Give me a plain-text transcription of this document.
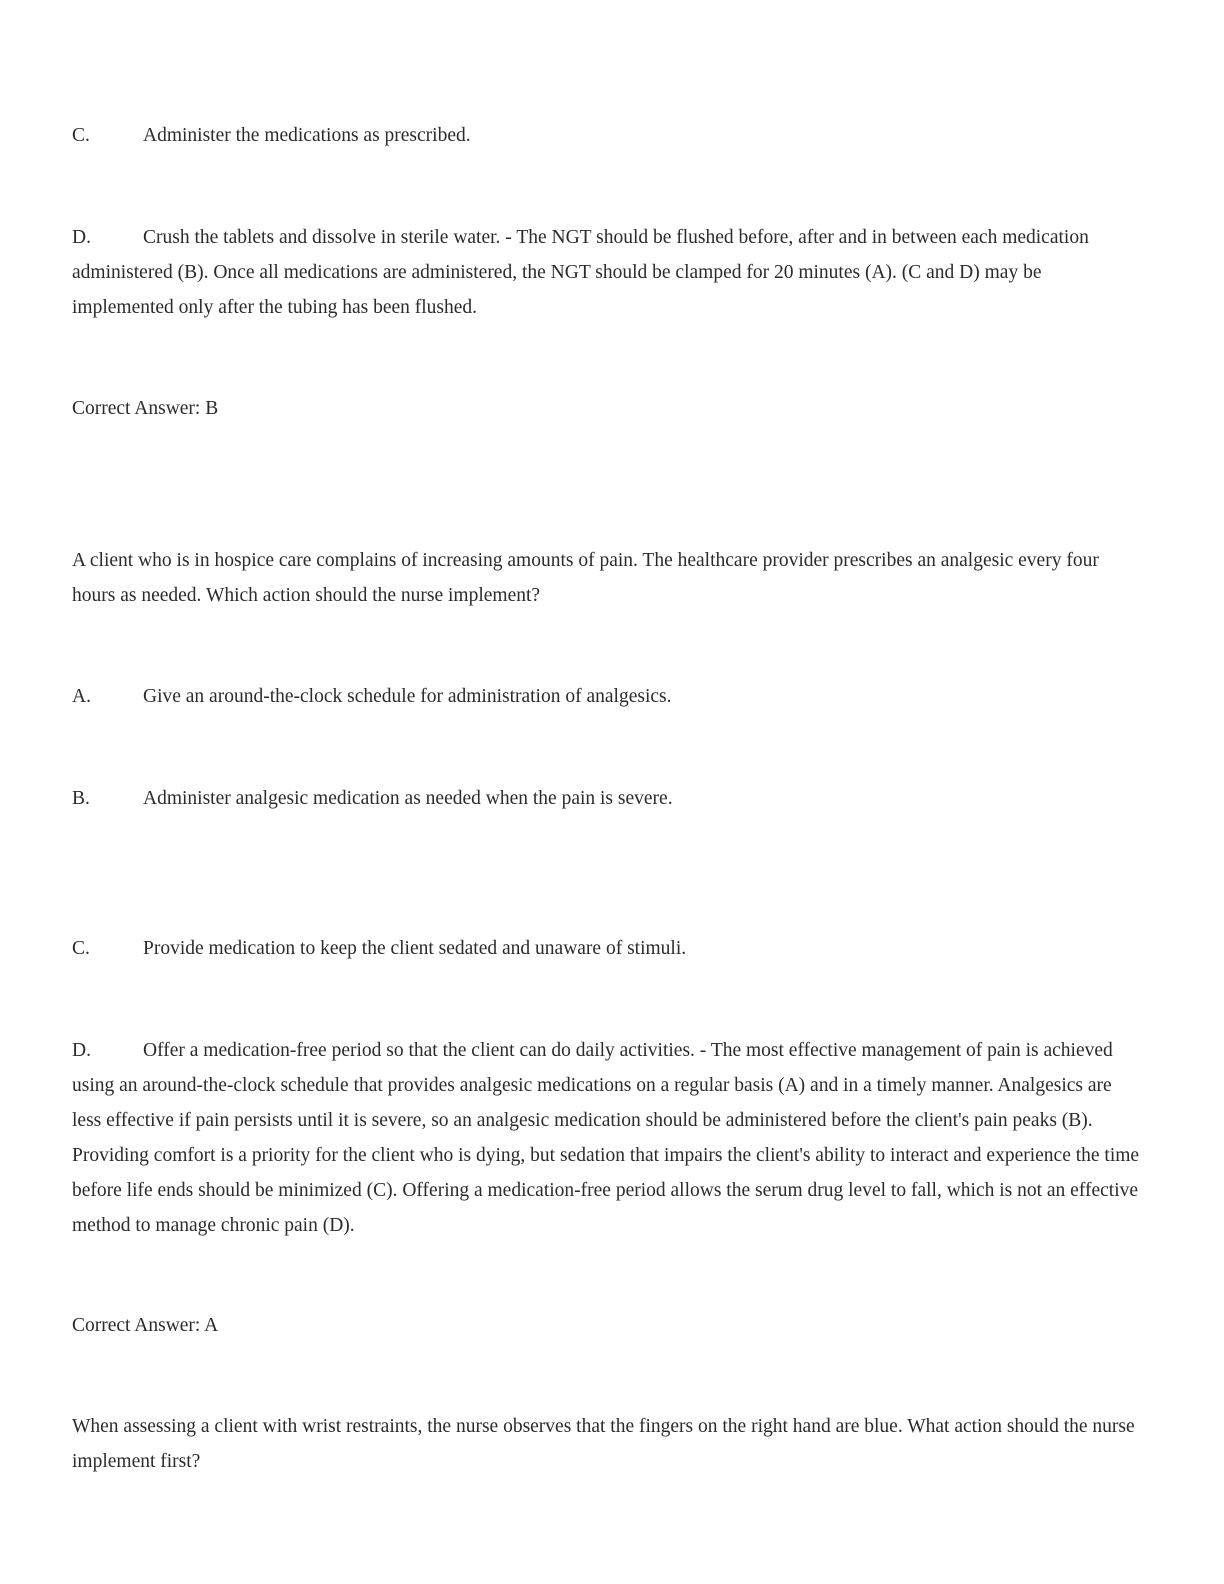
C.	Administer the medications as prescribed.

D.	Crush the tablets and dissolve in sterile water. - The NGT should be flushed before, after and in between each medication administered (B). Once all medications are administered, the NGT should be clamped for 20 minutes (A). (C and D) may be implemented only after the tubing has been flushed.

Correct Answer: B

A client who is in hospice care complains of increasing amounts of pain. The healthcare provider prescribes an analgesic every four hours as needed. Which action should the nurse implement?

A.	Give an around-the-clock schedule for administration of analgesics.

B.	Administer analgesic medication as needed when the pain is severe.

C.	Provide medication to keep the client sedated and unaware of stimuli.

D.	Offer a medication-free period so that the client can do daily activities. - The most effective management of pain is achieved using an around-the-clock schedule that provides analgesic medications on a regular basis (A) and in a timely manner. Analgesics are less effective if pain persists until it is severe, so an analgesic medication should be administered before the client's pain peaks (B). Providing comfort is a priority for the client who is dying, but sedation that impairs the client's ability to interact and experience the time before life ends should be minimized (C). Offering a medication-free period allows the serum drug level to fall, which is not an effective method to manage chronic pain (D).

Correct Answer: A

When assessing a client with wrist restraints, the nurse observes that the fingers on the right hand are blue. What action should the nurse implement first?
